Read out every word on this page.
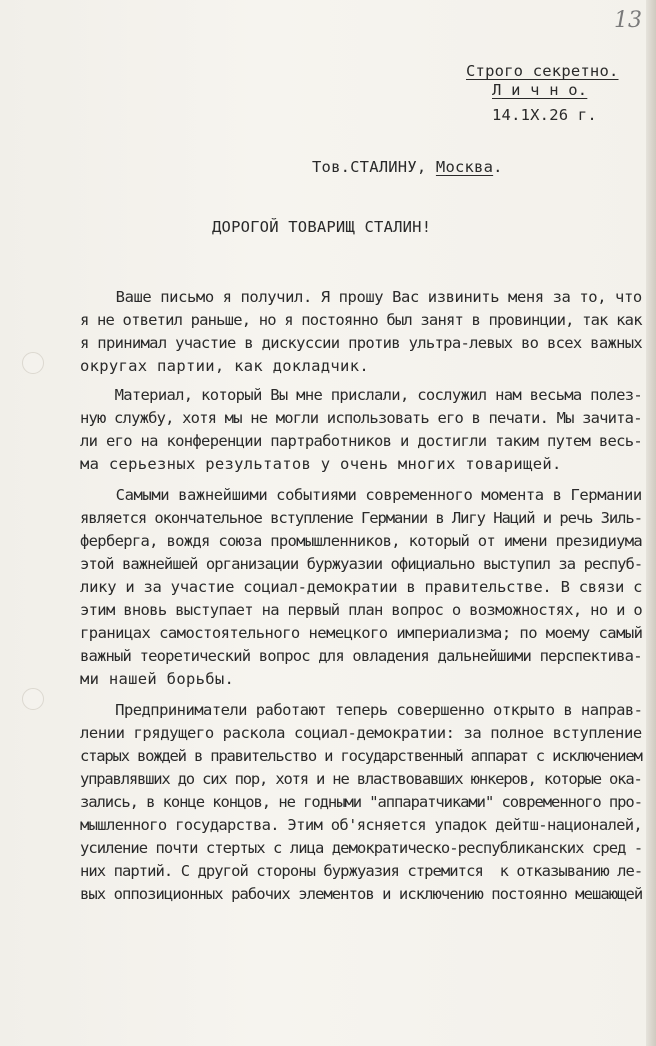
13
Строго секретно.
Л и ч н о.
14.1X.26 г.
Тов.СТАЛИНУ, Москва.
ДОРОГОЙ ТОВАРИЩ СТАЛИН!
Ваше письмо я получил. Я прошу Вас извинить меня за то, что
я не ответил раньше, но я постоянно был занят в провинции, так как
я принимал участие в дискуссии против ультра-левых во всех важных
округах партии, как докладчик.
Материал, который Вы мне прислали, сослужил нам весьма полез-
ную службу, хотя мы не могли использовать его в печати. Мы зачита-
ли его на конференции партработников и достигли таким путем весь-
ма серьезных результатов у очень многих товарищей.
Самыми важнейшими событиями современного момента в Германии
является окончательное вступление Германии в Лигу Наций и речь Зиль-
ферберга, вождя союза промышленников, который от имени президиума
этой важнейшей организации буржуазии официально выступил за респуб-
лику и за участие социал-демократии в правительстве. В связи с
этим вновь выступает на первый план вопрос о возможностях, но и о
границах самостоятельного немецкого империализма; по моему самый
важный теоретический вопрос для овладения дальнейшими перспектива-
ми нашей борьбы.
Предприниматели работают теперь совершенно открыто в направ-
лении грядущего раскола социал-демократии: за полное вступление
старых вождей в правительство и государственный аппарат с исключением
управлявших до сих пор, хотя и не властвовавших юнкеров, которые ока-
зались, в конце концов, не годными "аппаратчиками" современного про-
мышленного государства. Этим об'ясняется упадок дейтш-националей,
усиление почти стертых с лица демократическо-республиканских сред -
них партий. С другой стороны буржуазия стремится  к отказыванию ле-
вых оппозиционных рабочих элементов и исключению постоянно мешающей
